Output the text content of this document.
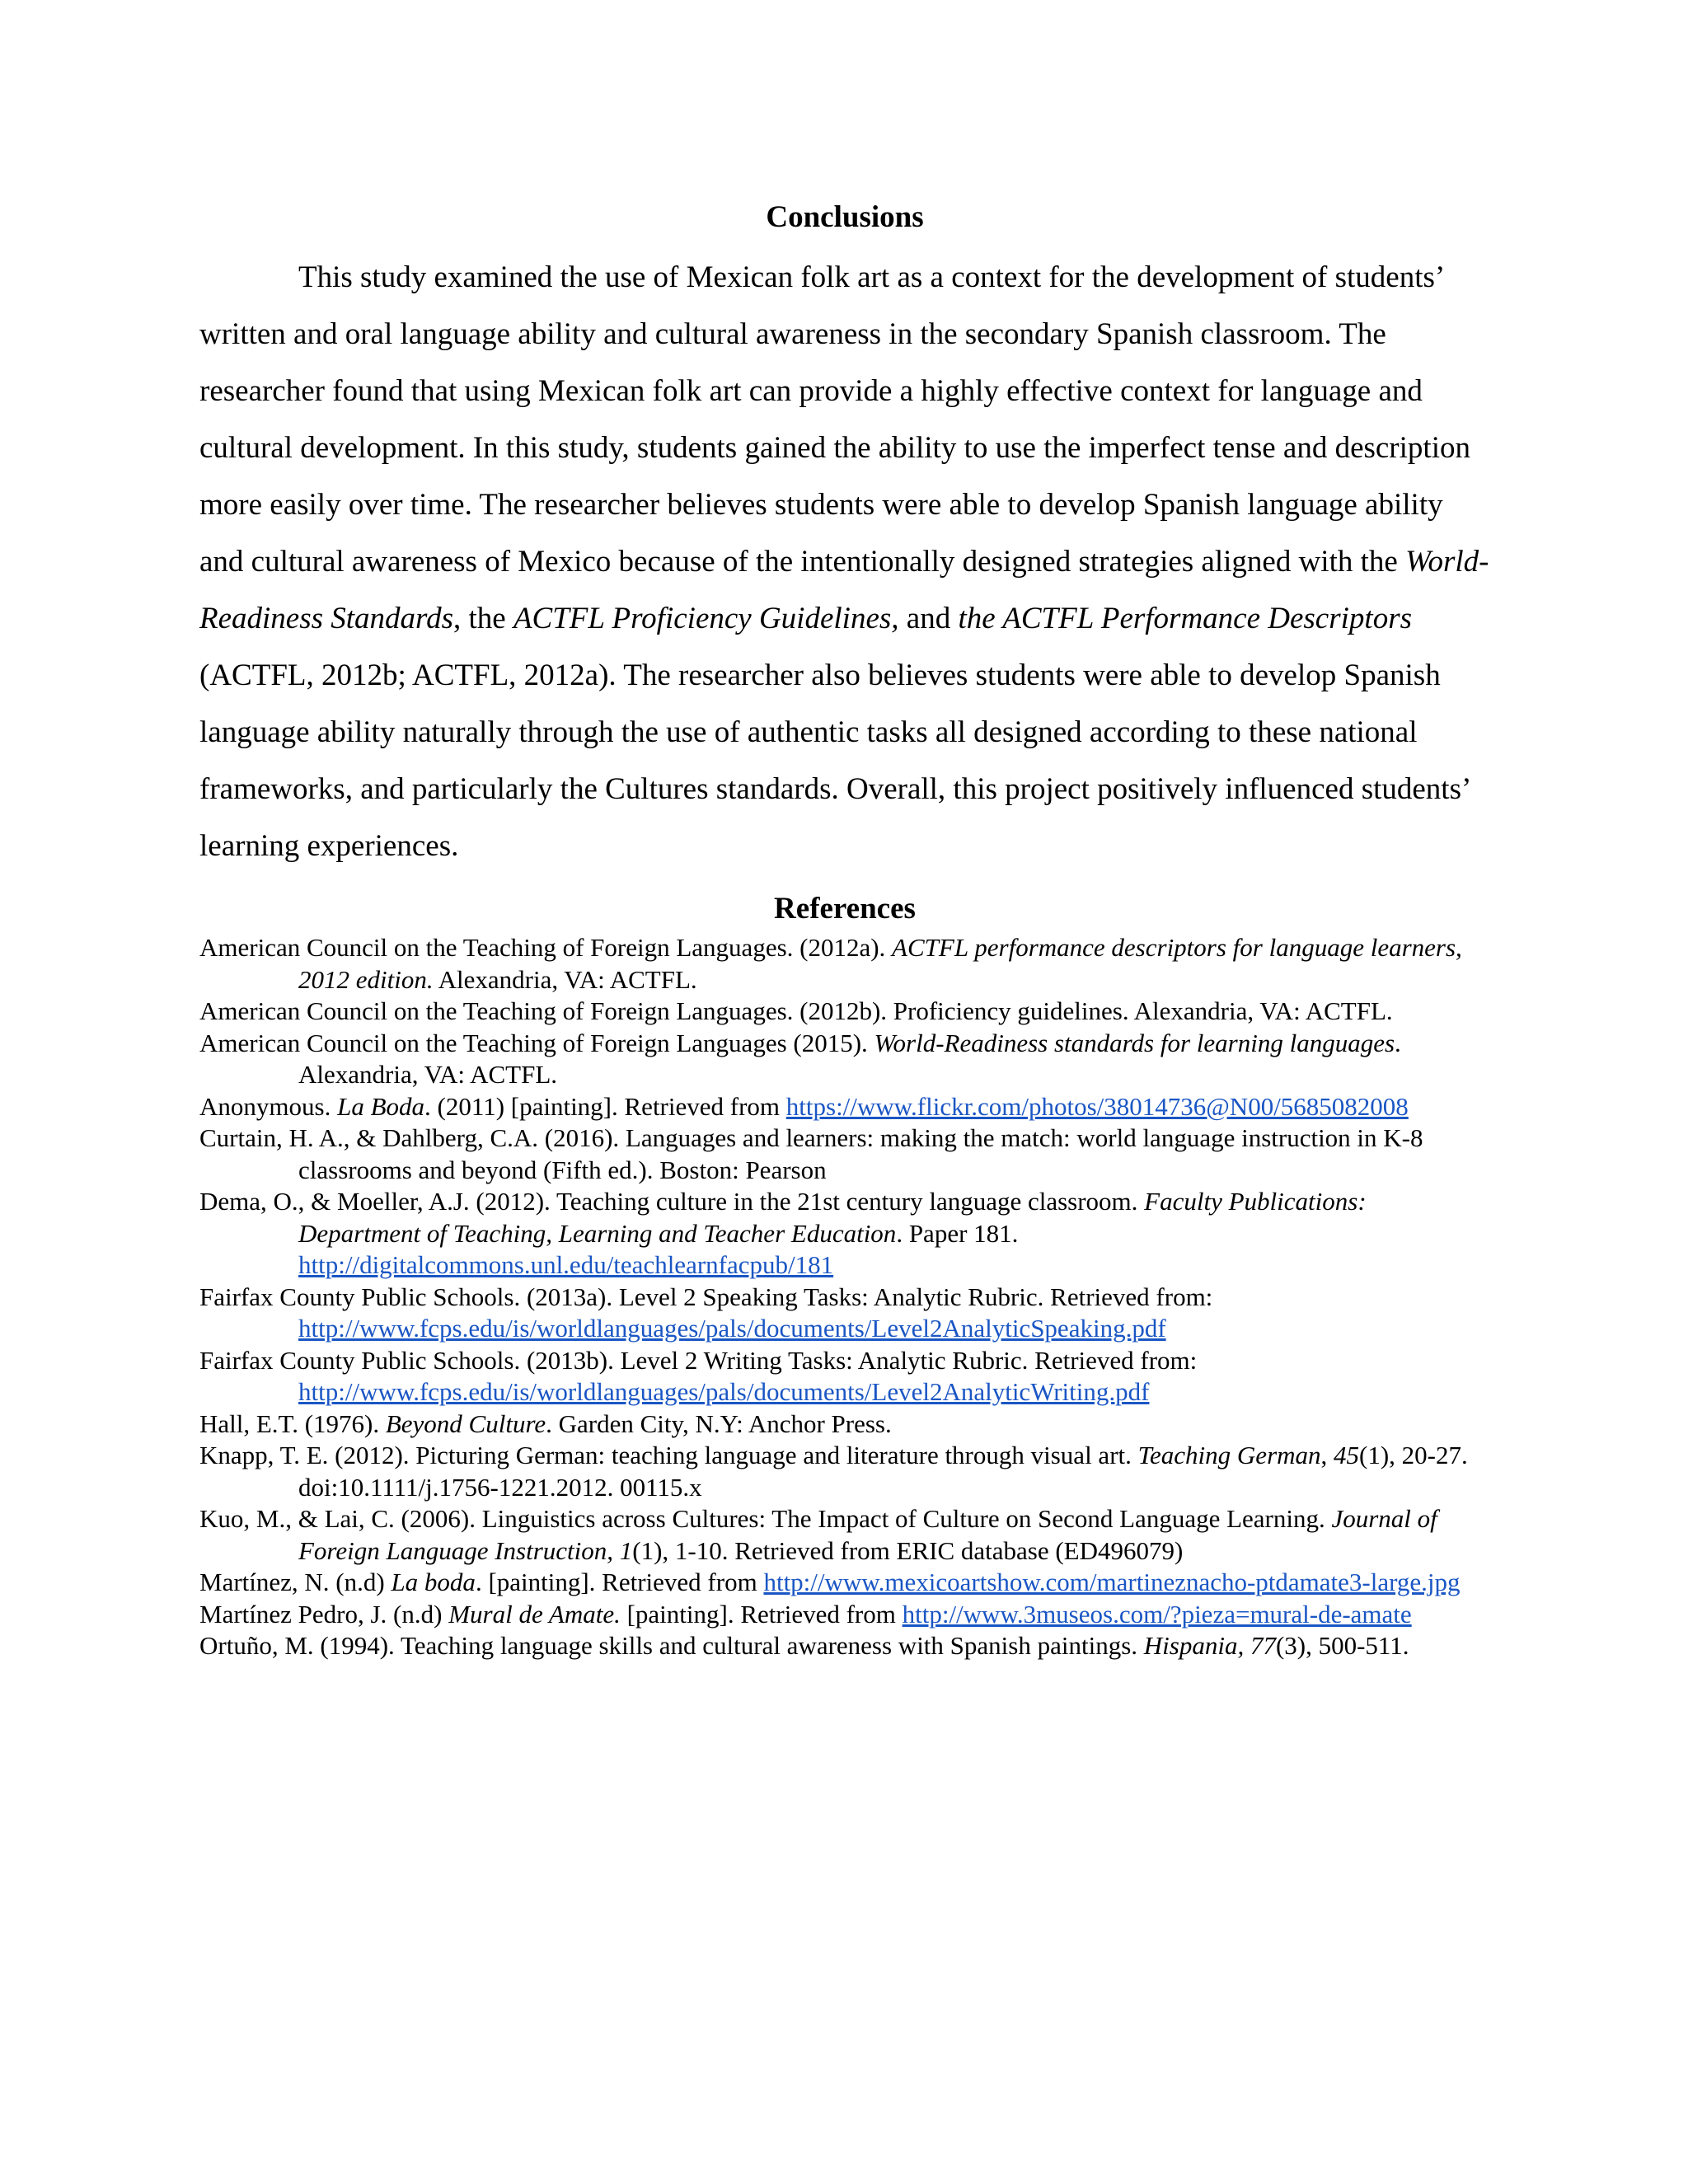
Conclusions

This study examined the use of Mexican folk art as a context for the development of students’ written and oral language ability and cultural awareness in the secondary Spanish classroom. The researcher found that using Mexican folk art can provide a highly effective context for language and cultural development. In this study, students gained the ability to use the imperfect tense and description more easily over time. The researcher believes students were able to develop Spanish language ability and cultural awareness of Mexico because of the intentionally designed strategies aligned with the World-Readiness Standards, the ACTFL Proficiency Guidelines, and the ACTFL Performance Descriptors (ACTFL, 2012b; ACTFL, 2012a). The researcher also believes students were able to develop Spanish language ability naturally through the use of authentic tasks all designed according to these national frameworks, and particularly the Cultures standards. Overall, this project positively influenced students’ learning experiences.

References

American Council on the Teaching of Foreign Languages. (2012a). ACTFL performance descriptors for language learners, 2012 edition. Alexandria, VA: ACTFL.

American Council on the Teaching of Foreign Languages. (2012b). Proficiency guidelines. Alexandria, VA: ACTFL.

American Council on the Teaching of Foreign Languages (2015). World-Readiness standards for learning languages. Alexandria, VA: ACTFL.

Anonymous. La Boda. (2011) [painting]. Retrieved from https://www.flickr.com/photos/38014736@N00/5685082008

Curtain, H. A., & Dahlberg, C.A. (2016). Languages and learners: making the match: world language instruction in K-8 classrooms and beyond (Fifth ed.). Boston: Pearson

Dema, O., & Moeller, A.J. (2012). Teaching culture in the 21st century language classroom. Faculty Publications: Department of Teaching, Learning and Teacher Education. Paper 181. http://digitalcommons.unl.edu/teachlearnfacpub/181

Fairfax County Public Schools. (2013a). Level 2 Speaking Tasks: Analytic Rubric. Retrieved from: http://www.fcps.edu/is/worldlanguages/pals/documents/Level2AnalyticSpeaking.pdf

Fairfax County Public Schools. (2013b). Level 2 Writing Tasks: Analytic Rubric. Retrieved from: http://www.fcps.edu/is/worldlanguages/pals/documents/Level2AnalyticWriting.pdf

Hall, E.T. (1976). Beyond Culture. Garden City, N.Y: Anchor Press.

Knapp, T. E. (2012). Picturing German: teaching language and literature through visual art. Teaching German, 45(1), 20-27. doi:10.1111/j.1756-1221.2012. 00115.x

Kuo, M., & Lai, C. (2006). Linguistics across Cultures: The Impact of Culture on Second Language Learning. Journal of Foreign Language Instruction, 1(1), 1-10. Retrieved from ERIC database (ED496079)

Martínez, N. (n.d) La boda. [painting]. Retrieved from http://www.mexicoartshow.com/martineznacho-ptdamate3-large.jpg

Martínez Pedro, J. (n.d) Mural de Amate. [painting]. Retrieved from http://www.3museos.com/?pieza=mural-de-amate

Ortuño, M. (1994). Teaching language skills and cultural awareness with Spanish paintings. Hispania, 77(3), 500-511.
